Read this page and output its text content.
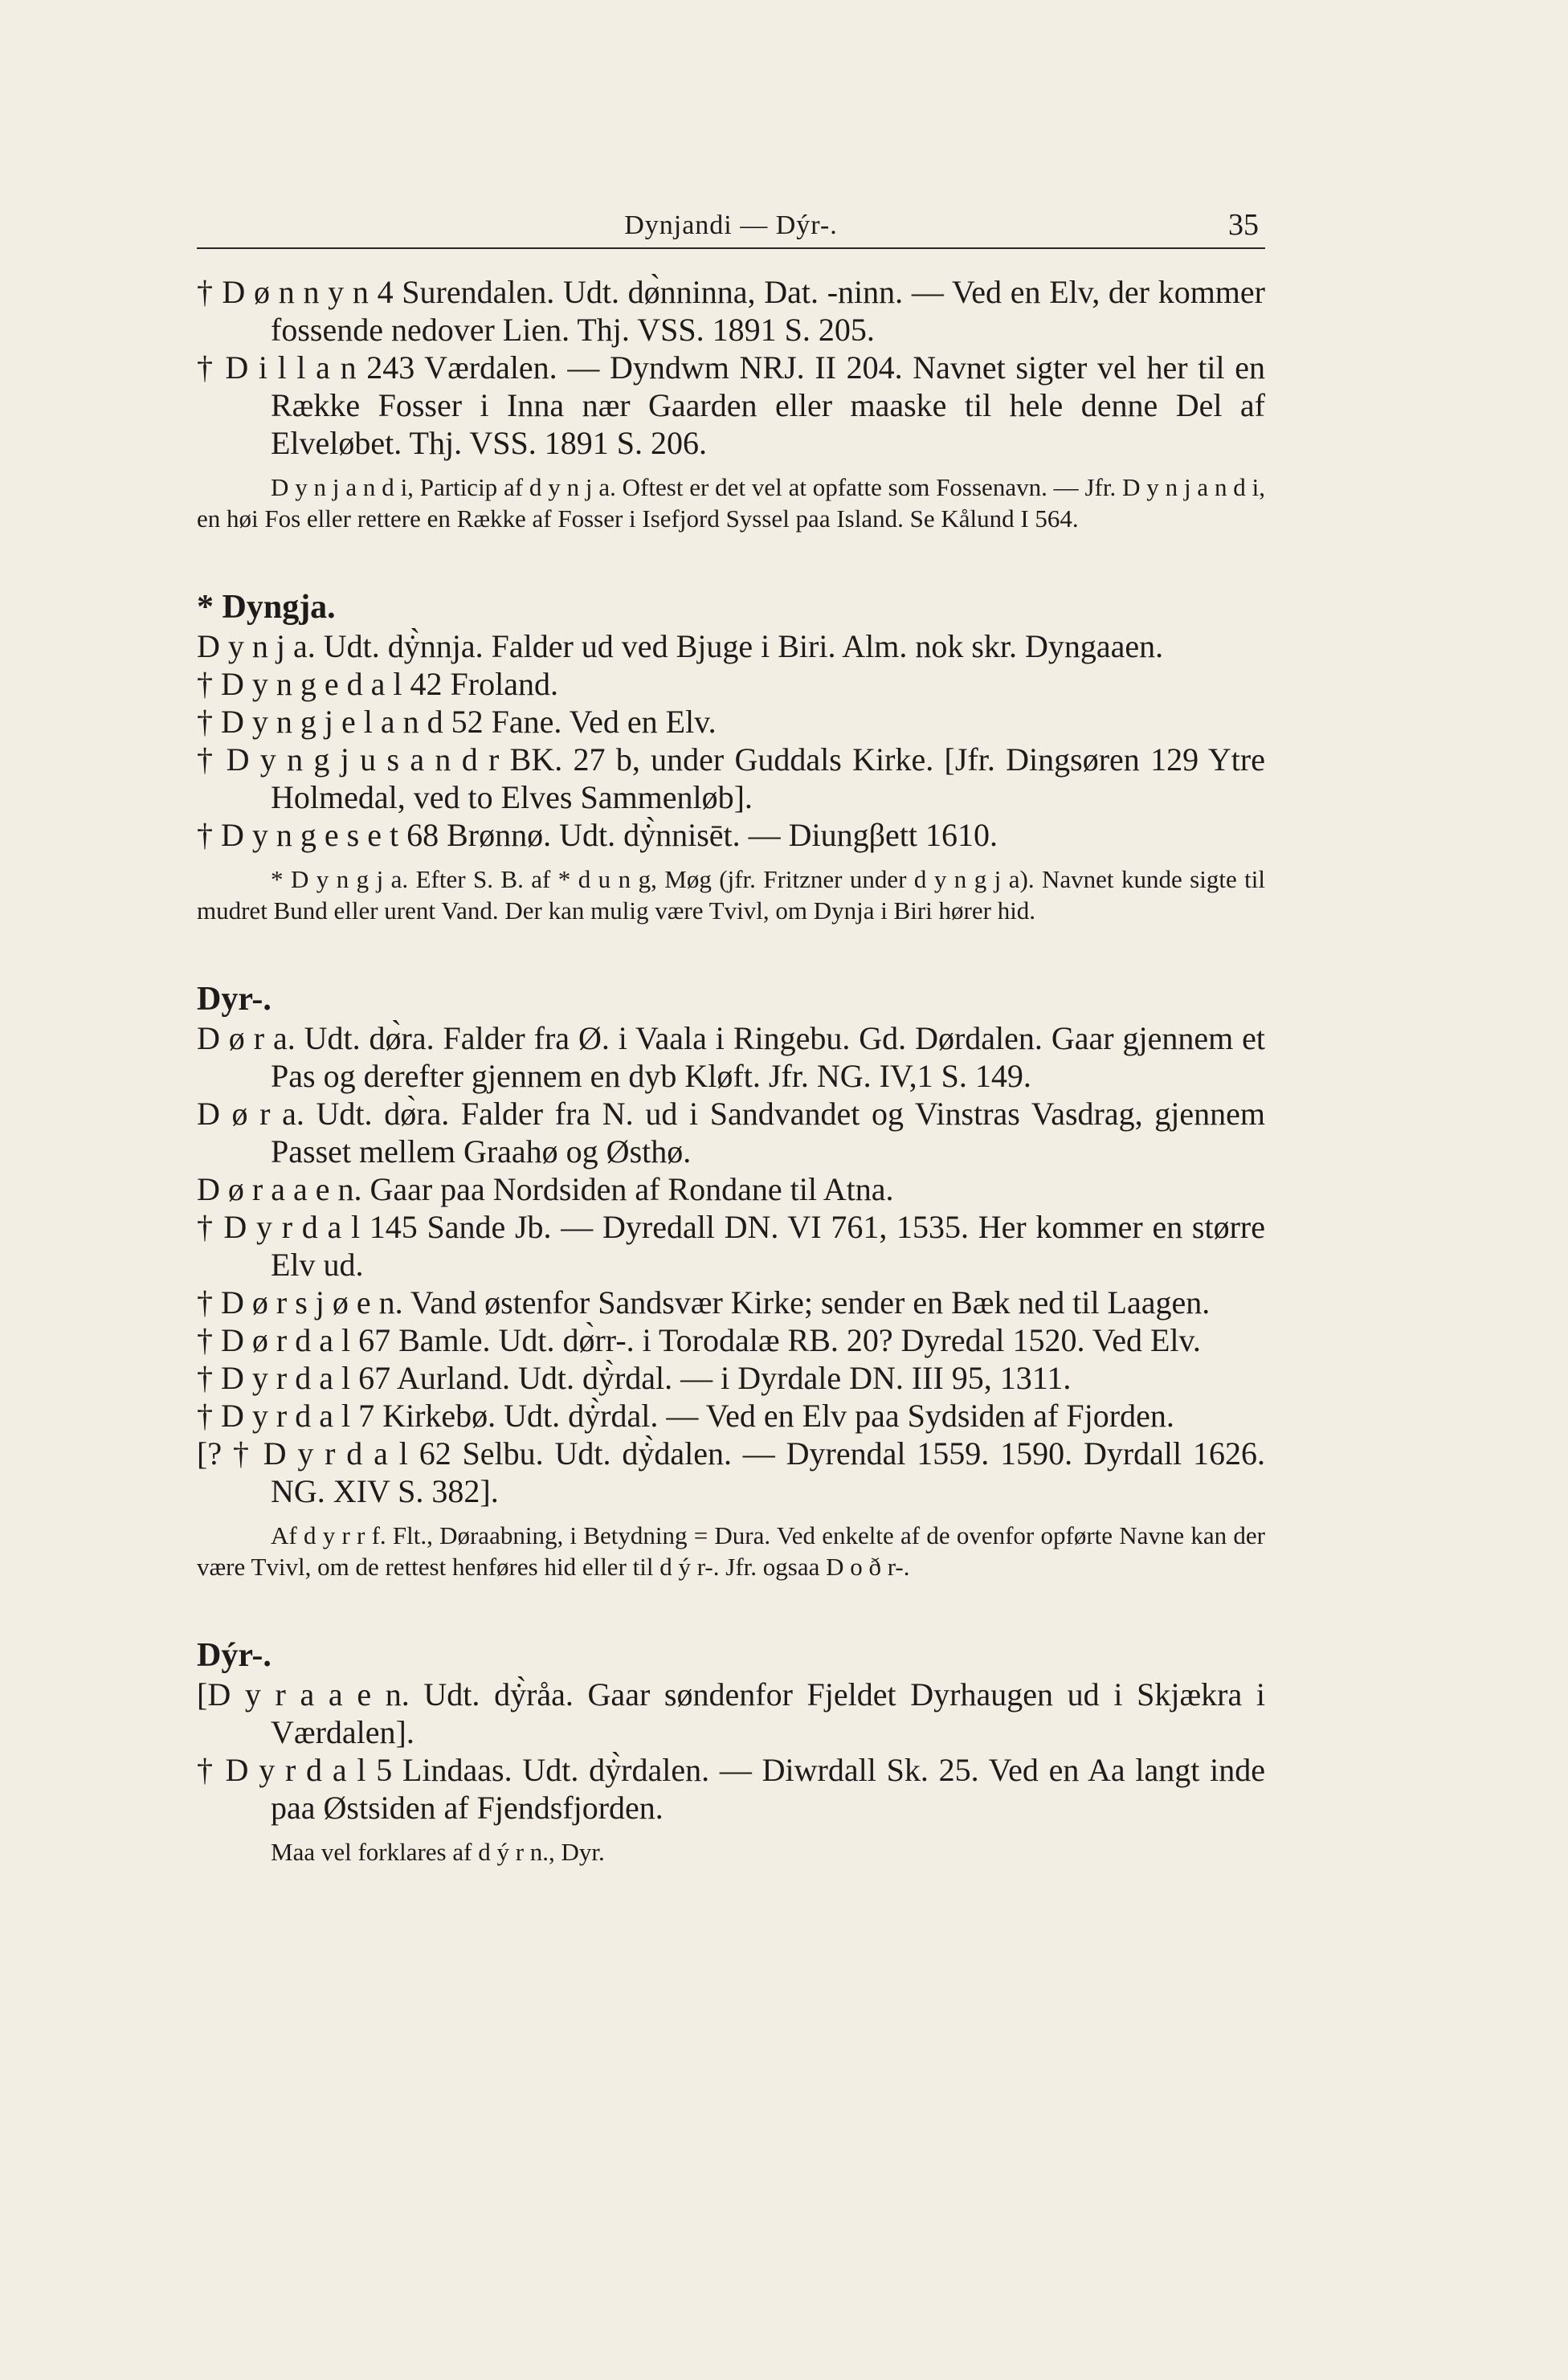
Dynjandi — Dýr-.	35

† D ø n n y n 4 Surendalen. Udt. dø̀nninna, Dat. -ninn. — Ved en Elv, der kommer fossende nedover Lien. Thj. VSS. 1891 S. 205.

† D i l l a n 243 Værdalen. — Dyndwm NRJ. II 204. Navnet sigter vel her til en Række Fosser i Inna nær Gaarden eller maaske til hele denne Del af Elveløbet. Thj. VSS. 1891 S. 206.

D y n j a n d i, Particip af d y n j a. Oftest er det vel at opfatte som Fossenavn. — Jfr. D y n j a n d i, en høi Fos eller rettere en Række af Fosser i Isefjord Syssel paa Island. Se Kålund I 564.

* Dyngja.

D y n j a. Udt. dẏ̀nnja. Falder ud ved Bjuge i Biri. Alm. nok skr. Dyngaaen.

† D y n g e d a l 42 Froland.

† D y n g j e l a n d 52 Fane. Ved en Elv.

† D y n g j u s a n d r BK. 27 b, under Guddals Kirke. [Jfr. Dingsøren 129 Ytre Holmedal, ved to Elves Sammenløb].

† D y n g e s e t 68 Brønnø. Udt. dẏ̀nnisēt. — Diungβett 1610.

* D y n g j a. Efter S. B. af * d u n g, Møg (jfr. Fritzner under d y n g j a). Navnet kunde sigte til mudret Bund eller urent Vand. Der kan mulig være Tvivl, om Dynja i Biri hører hid.

Dyr-.

D ø r a. Udt. dø̀ra. Falder fra Ø. i Vaala i Ringebu. Gd. Dørdalen. Gaar gjennem et Pas og derefter gjennem en dyb Kløft. Jfr. NG. IV,1 S. 149.

D ø r a. Udt. dø̀ra. Falder fra N. ud i Sandvandet og Vinstras Vasdrag, gjennem Passet mellem Graahø og Østhø.

D ø r a a e n. Gaar paa Nordsiden af Rondane til Atna.

† D y r d a l 145 Sande Jb. — Dyredall DN. VI 761, 1535. Her kommer en større Elv ud.

† D ø r s j ø e n. Vand østenfor Sandsvær Kirke; sender en Bæk ned til Laagen.

† D ø r d a l 67 Bamle. Udt. dø̀rr-. i Torodalæ RB. 20? Dyredal 1520. Ved Elv.

† D y r d a l 67 Aurland. Udt. dẏ̀rdal. — i Dyrdale DN. III 95, 1311.

† D y r d a l 7 Kirkebø. Udt. dẏ̀rdal. — Ved en Elv paa Sydsiden af Fjorden.

[? † D y r d a l 62 Selbu. Udt. dẏ̀dalen. — Dyrendal 1559. 1590. Dyrdall 1626. NG. XIV S. 382].

Af d y r r f. Flt., Døraabning, i Betydning = Dura. Ved enkelte af de ovenfor opførte Navne kan der være Tvivl, om de rettest henføres hid eller til d ý r-. Jfr. ogsaa D o ð r-.

Dýr-.

[D y r a a e n. Udt. dẏ̀råa. Gaar søndenfor Fjeldet Dyrhaugen ud i Skjækra i Værdalen].

† D y r d a l 5 Lindaas. Udt. dẏ̀rdalen. — Diwrdall Sk. 25. Ved en Aa langt inde paa Østsiden af Fjendsfjorden.

Maa vel forklares af d ý r n., Dyr.
